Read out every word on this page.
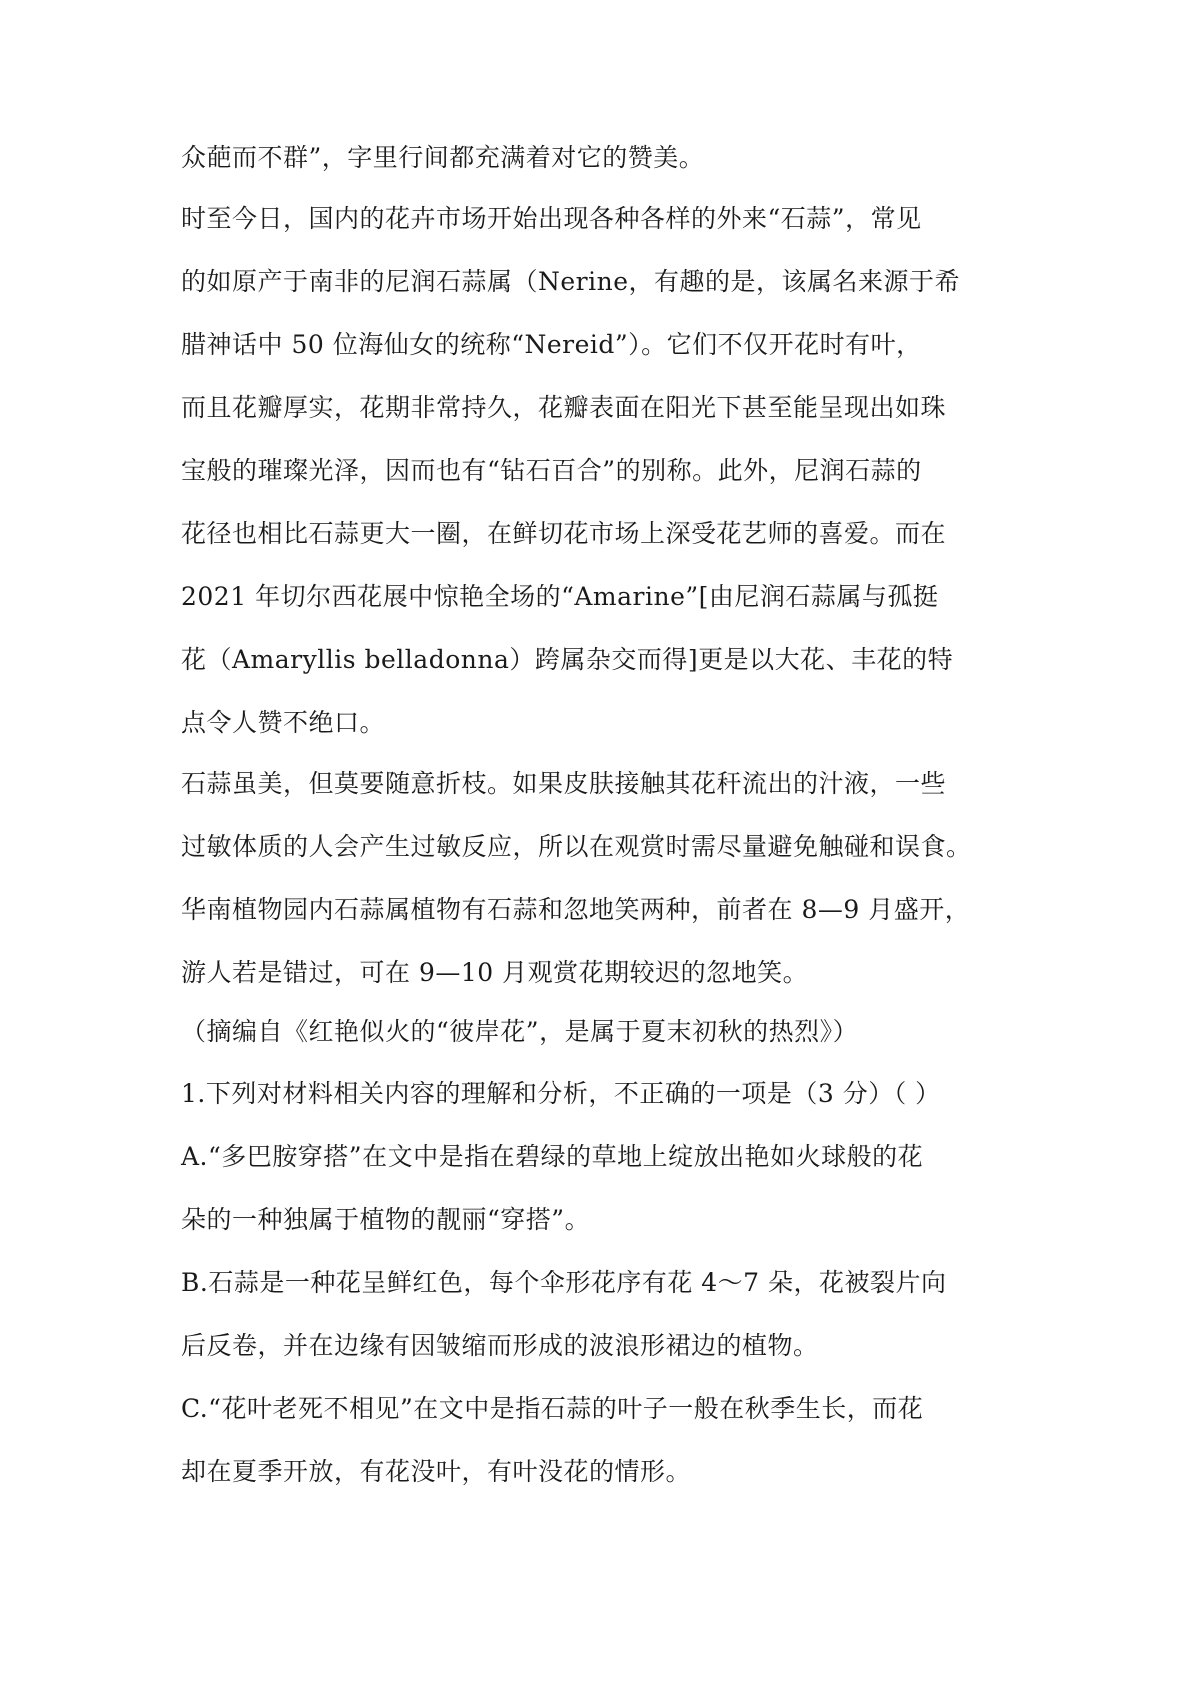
众葩而不群”，字里行间都充满着对它的赞美。
时至今日，国内的花卉市场开始出现各种各样的外来“石蒜”，常见
的如原产于南非的尼润石蒜属（Nerine，有趣的是，该属名来源于希
腊神话中 50 位海仙女的统称“Nereid”）。它们不仅开花时有叶，
而且花瓣厚实，花期非常持久，花瓣表面在阳光下甚至能呈现出如珠
宝般的璀璨光泽，因而也有“钻石百合”的别称。此外，尼润石蒜的
花径也相比石蒜更大一圈，在鲜切花市场上深受花艺师的喜爱。而在
2021 年切尔西花展中惊艳全场的“Amarine”[由尼润石蒜属与孤挺
花（Amaryllis belladonna）跨属杂交而得]更是以大花、丰花的特
点令人赞不绝口。
石蒜虽美，但莫要随意折枝。如果皮肤接触其花秆流出的汁液，一些
过敏体质的人会产生过敏反应，所以在观赏时需尽量避免触碰和误食。
华南植物园内石蒜属植物有石蒜和忽地笑两种，前者在 8—9 月盛开，
游人若是错过，可在 9—10 月观赏花期较迟的忽地笑。
（摘编自《红艳似火的“彼岸花”，是属于夏末初秋的热烈》）
1.下列对材料相关内容的理解和分析，不正确的一项是（3 分）（ ）
A.“多巴胺穿搭”在文中是指在碧绿的草地上绽放出艳如火球般的花
朵的一种独属于植物的靓丽“穿搭”。
B.石蒜是一种花呈鲜红色，每个伞形花序有花 4～7 朵，花被裂片向
后反卷，并在边缘有因皱缩而形成的波浪形裙边的植物。
C.“花叶老死不相见”在文中是指石蒜的叶子一般在秋季生长，而花
却在夏季开放，有花没叶，有叶没花的情形。
